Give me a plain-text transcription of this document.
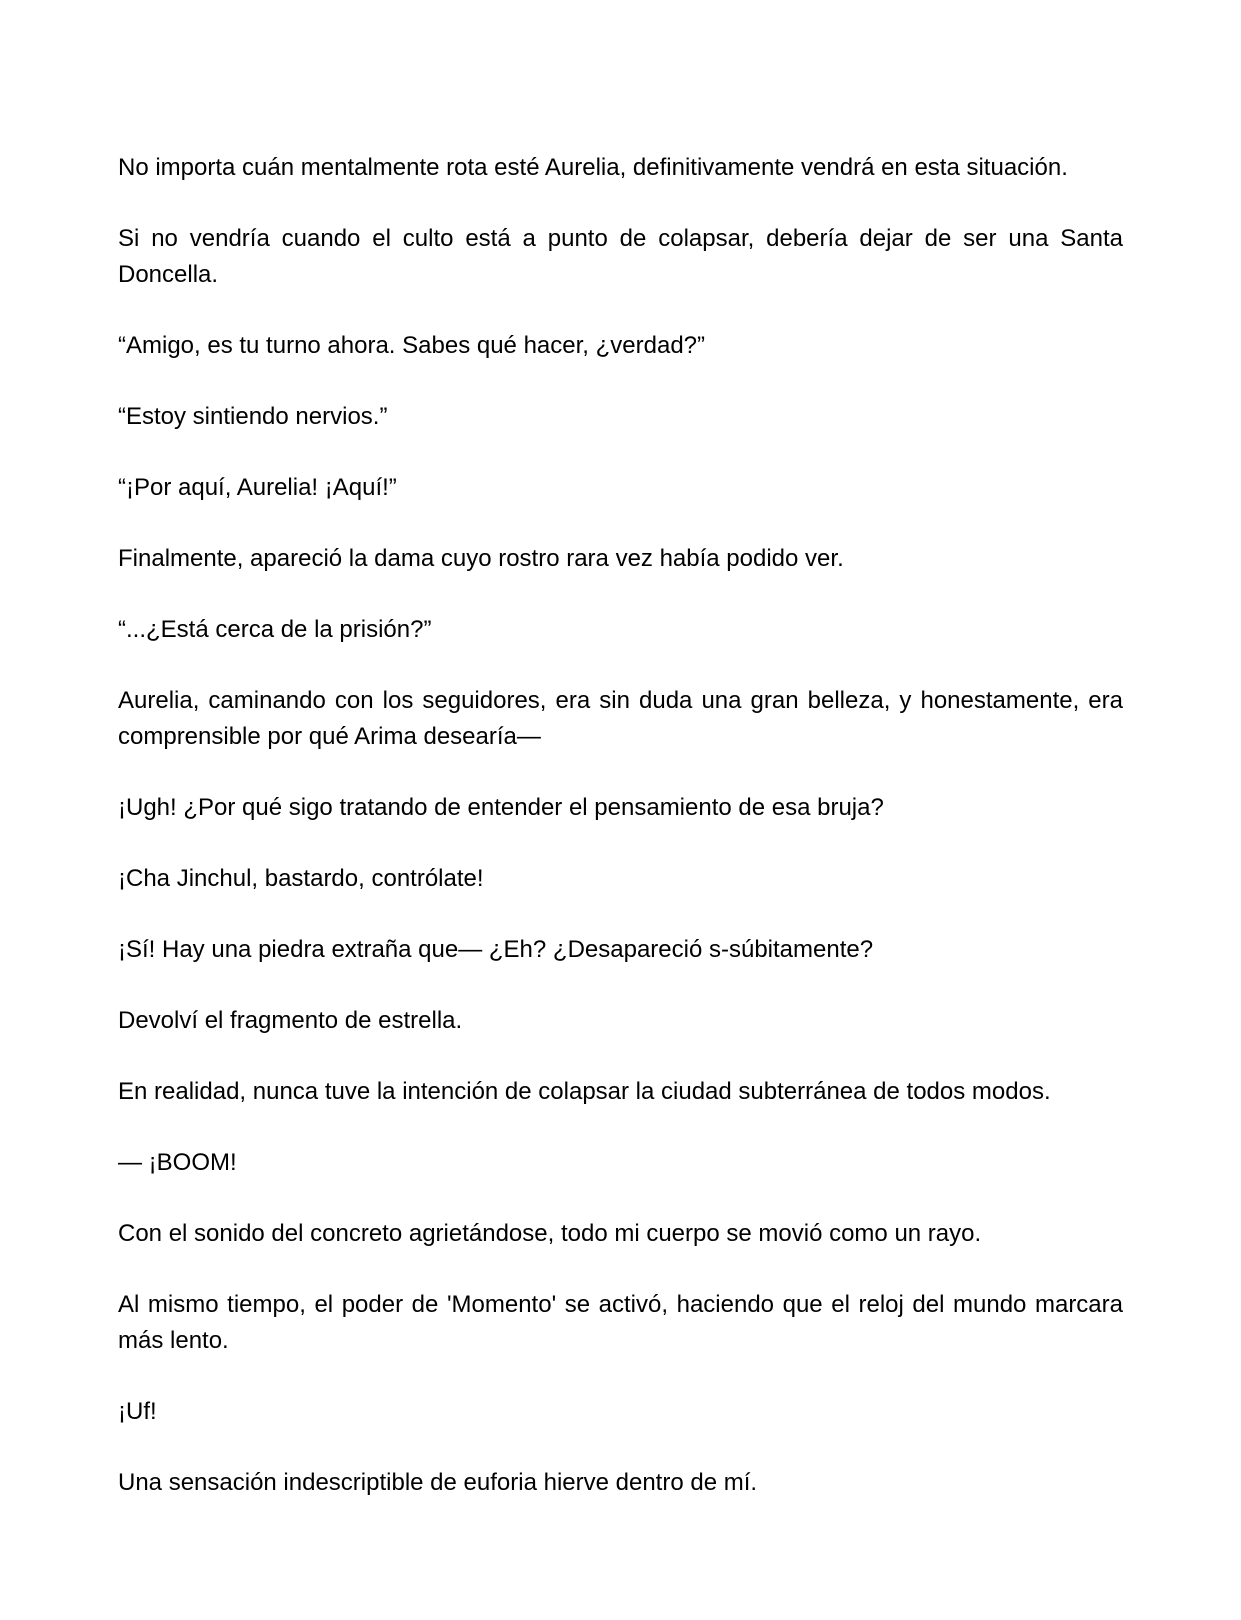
No importa cuán mentalmente rota esté Aurelia, definitivamente vendrá en esta situación.

Si no vendría cuando el culto está a punto de colapsar, debería dejar de ser una Santa Doncella.

“Amigo, es tu turno ahora. Sabes qué hacer, ¿verdad?”

“Estoy sintiendo nervios.”

“¡Por aquí, Aurelia! ¡Aquí!”

Finalmente, apareció la dama cuyo rostro rara vez había podido ver.

“...¿Está cerca de la prisión?”

Aurelia, caminando con los seguidores, era sin duda una gran belleza, y honestamente, era comprensible por qué Arima desearía—

¡Ugh! ¿Por qué sigo tratando de entender el pensamiento de esa bruja?

¡Cha Jinchul, bastardo, contrólate!

¡Sí! Hay una piedra extraña que— ¿Eh? ¿Desapareció s-súbitamente?

Devolví el fragmento de estrella.

En realidad, nunca tuve la intención de colapsar la ciudad subterránea de todos modos.

— ¡BOOM!

Con el sonido del concreto agrietándose, todo mi cuerpo se movió como un rayo.

Al mismo tiempo, el poder de 'Momento' se activó, haciendo que el reloj del mundo marcara más lento.

¡Uf!

Una sensación indescriptible de euforia hierve dentro de mí.
